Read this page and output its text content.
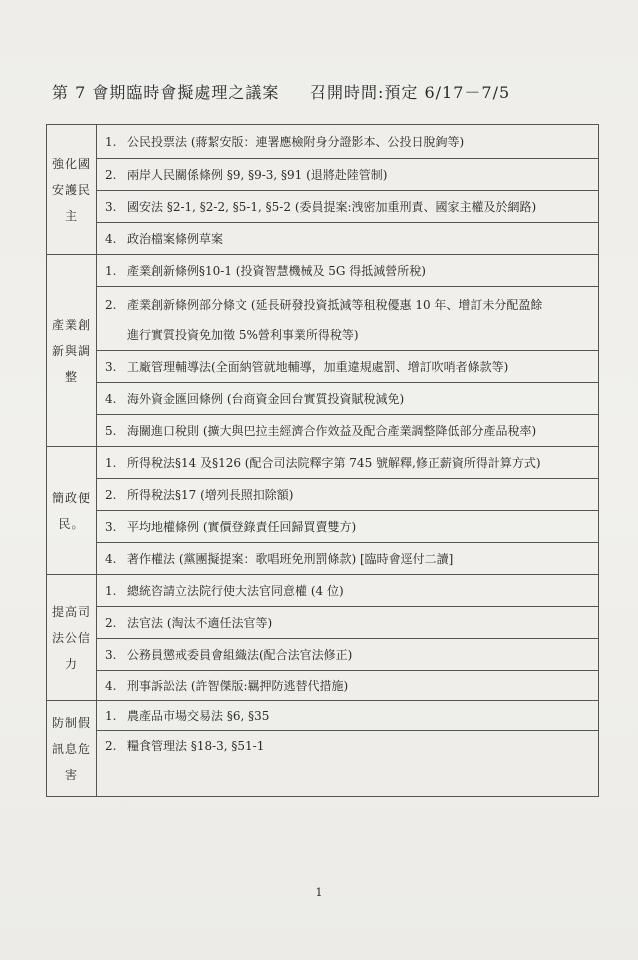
第 7 會期臨時會擬處理之議案 召開時間:預定 6/17－7/5
強化國安護民主	1. 公民投票法 (蔣絜安版：連署應檢附身分證影本、公投日脫鉤等)
	2. 兩岸人民關係條例 §9, §9-3, §91 (退將赴陸管制)
	3. 國安法 §2-1, §2-2, §5-1, §5-2 (委員提案:洩密加重刑責、國家主權及於網路)
	4. 政治檔案條例草案
產業創新與調整	1. 產業創新條例§10-1 (投資智慧機械及 5G 得抵減營所稅)
	2. 產業創新條例部分條文 (延長研發投資抵減等租稅優惠 10 年、增訂未分配盈餘
進行實質投資免加徵 5%營利事業所得稅等)

	3. 工廠管理輔導法(全面納管就地輔導，加重違規處罰、增訂吹哨者條款等)
	4. 海外資金匯回條例 (台商資金回台實質投資賦稅減免)
	5. 海關進口稅則 (擴大與巴拉圭經濟合作效益及配合產業調整降低部分產品稅率)
簡政便民。	1. 所得稅法§14 及§126 (配合司法院釋字第 745 號解釋,修正薪資所得計算方式)
	2. 所得稅法§17 (增列長照扣除額)
	3. 平均地權條例 (實價登錄責任回歸買賣雙方)
	4. 著作權法 (黨團擬提案：歌唱班免刑罰條款) [臨時會逕付二讀]
提高司法公信力	1. 總統咨請立法院行使大法官同意權 (4 位)
	2. 法官法 (淘汰不適任法官等)
	3. 公務員懲戒委員會組織法(配合法官法修正)
	4. 刑事訴訟法 (許智傑版:羈押防逃替代措施)
防制假訊息危害	1. 農產品市場交易法 §6, §35
	2. 糧食管理法 §18-3, §51-1
1
